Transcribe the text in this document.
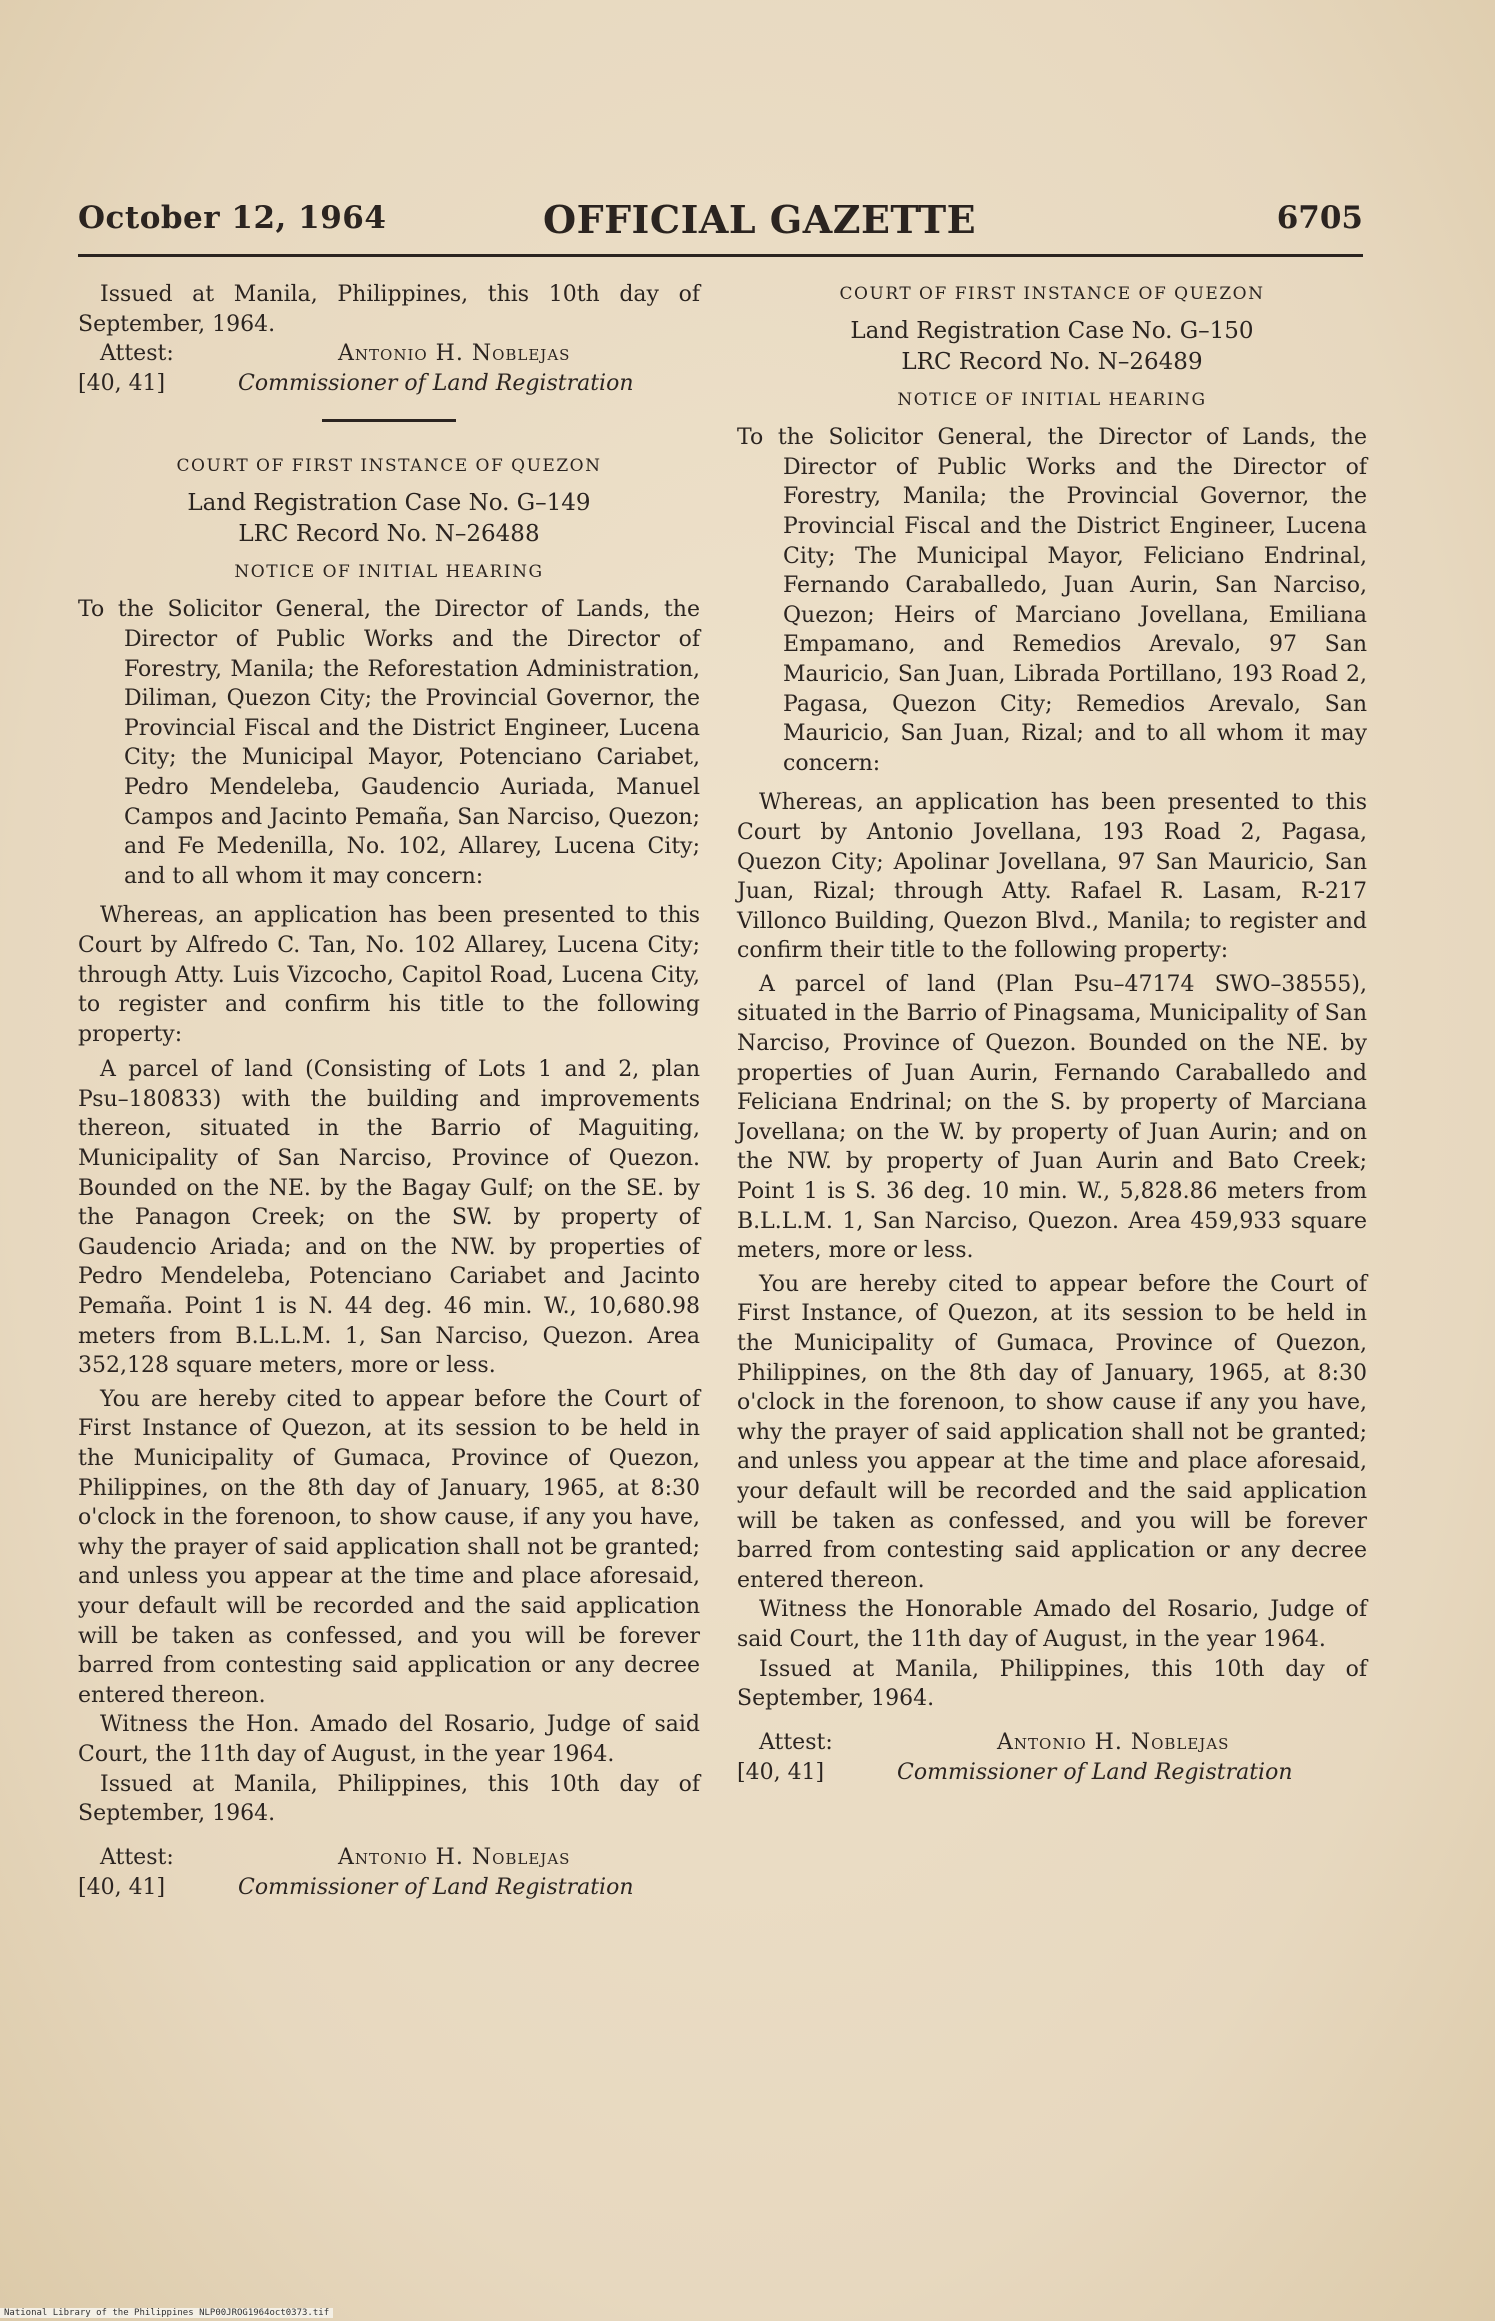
October 12, 1964	OFFICIAL GAZETTE	6705

Issued at Manila, Philippines, this 10th day of September, 1964.

Attest:
[40, 41]
Antonio H. Noblejas
Commissioner of Land Registration

COURT OF FIRST INSTANCE OF QUEZON

Land Registration Case No. G–149

LRC Record No. N–26488

NOTICE OF INITIAL HEARING

To the Solicitor General, the Director of Lands, the Director of Public Works and the Director of Forestry, Manila; the Reforestation Administration, Diliman, Quezon City; the Provincial Governor, the Provincial Fiscal and the District Engineer, Lucena City; the Municipal Mayor, Potenciano Cariabet, Pedro Mendeleba, Gaudencio Auriada, Manuel Campos and Jacinto Pemaña, San Narciso, Quezon; and Fe Medenilla, No. 102, Allarey, Lucena City; and to all whom it may concern:

Whereas, an application has been presented to this Court by Alfredo C. Tan, No. 102 Allarey, Lucena City; through Atty. Luis Vizcocho, Capitol Road, Lucena City, to register and confirm his title to the following property:

A parcel of land (Consisting of Lots 1 and 2, plan Psu–180833) with the building and improvements thereon, situated in the Barrio of Maguiting, Municipality of San Narciso, Province of Quezon. Bounded on the NE. by the Bagay Gulf; on the SE. by the Panagon Creek; on the SW. by property of Gaudencio Ariada; and on the NW. by properties of Pedro Mendeleba, Potenciano Cariabet and Jacinto Pemaña. Point 1 is N. 44 deg. 46 min. W., 10,680.98 meters from B.L.L.M. 1, San Narciso, Quezon. Area 352,128 square meters, more or less.

You are hereby cited to appear before the Court of First Instance of Quezon, at its session to be held in the Municipality of Gumaca, Province of Quezon, Philippines, on the 8th day of January, 1965, at 8:30 o'clock in the forenoon, to show cause, if any you have, why the prayer of said application shall not be granted; and unless you appear at the time and place aforesaid, your default will be recorded and the said application will be taken as confessed, and you will be forever barred from contesting said application or any decree entered thereon.

Witness the Hon. Amado del Rosario, Judge of said Court, the 11th day of August, in the year 1964.

Issued at Manila, Philippines, this 10th day of September, 1964.

Attest:
[40, 41]
Antonio H. Noblejas
Commissioner of Land Registration

COURT OF FIRST INSTANCE OF QUEZON

Land Registration Case No. G–150

LRC Record No. N–26489

NOTICE OF INITIAL HEARING

To the Solicitor General, the Director of Lands, the Director of Public Works and the Director of Forestry, Manila; the Provincial Governor, the Provincial Fiscal and the District Engineer, Lucena City; The Municipal Mayor, Feliciano Endrinal, Fernando Caraballedo, Juan Aurin, San Narciso, Quezon; Heirs of Marciano Jovellana, Emiliana Empamano, and Remedios Arevalo, 97 San Mauricio, San Juan, Librada Portillano, 193 Road 2, Pagasa, Quezon City; Remedios Arevalo, San Mauricio, San Juan, Rizal; and to all whom it may concern:

Whereas, an application has been presented to this Court by Antonio Jovellana, 193 Road 2, Pagasa, Quezon City; Apolinar Jovellana, 97 San Mauricio, San Juan, Rizal; through Atty. Rafael R. Lasam, R-217 Villonco Building, Quezon Blvd., Manila; to register and confirm their title to the following property:

A parcel of land (Plan Psu–47174 SWO–38555), situated in the Barrio of Pinagsama, Municipality of San Narciso, Province of Quezon. Bounded on the NE. by properties of Juan Aurin, Fernando Caraballedo and Feliciana Endrinal; on the S. by property of Marciana Jovellana; on the W. by property of Juan Aurin; and on the NW. by property of Juan Aurin and Bato Creek; Point 1 is S. 36 deg. 10 min. W., 5,828.86 meters from B.L.L.M. 1, San Narciso, Quezon. Area 459,933 square meters, more or less.

You are hereby cited to appear before the Court of First Instance, of Quezon, at its session to be held in the Municipality of Gumaca, Province of Quezon, Philippines, on the 8th day of January, 1965, at 8:30 o'clock in the forenoon, to show cause if any you have, why the prayer of said application shall not be granted; and unless you appear at the time and place aforesaid, your default will be recorded and the said application will be taken as confessed, and you will be forever barred from contesting said application or any decree entered thereon.

Witness the Honorable Amado del Rosario, Judge of said Court, the 11th day of August, in the year 1964.

Issued at Manila, Philippines, this 10th day of September, 1964.

Attest:
[40, 41]
Antonio H. Noblejas
Commissioner of Land Registration
National Library of the Philippines NLP00JROG1964oct0373.tif
